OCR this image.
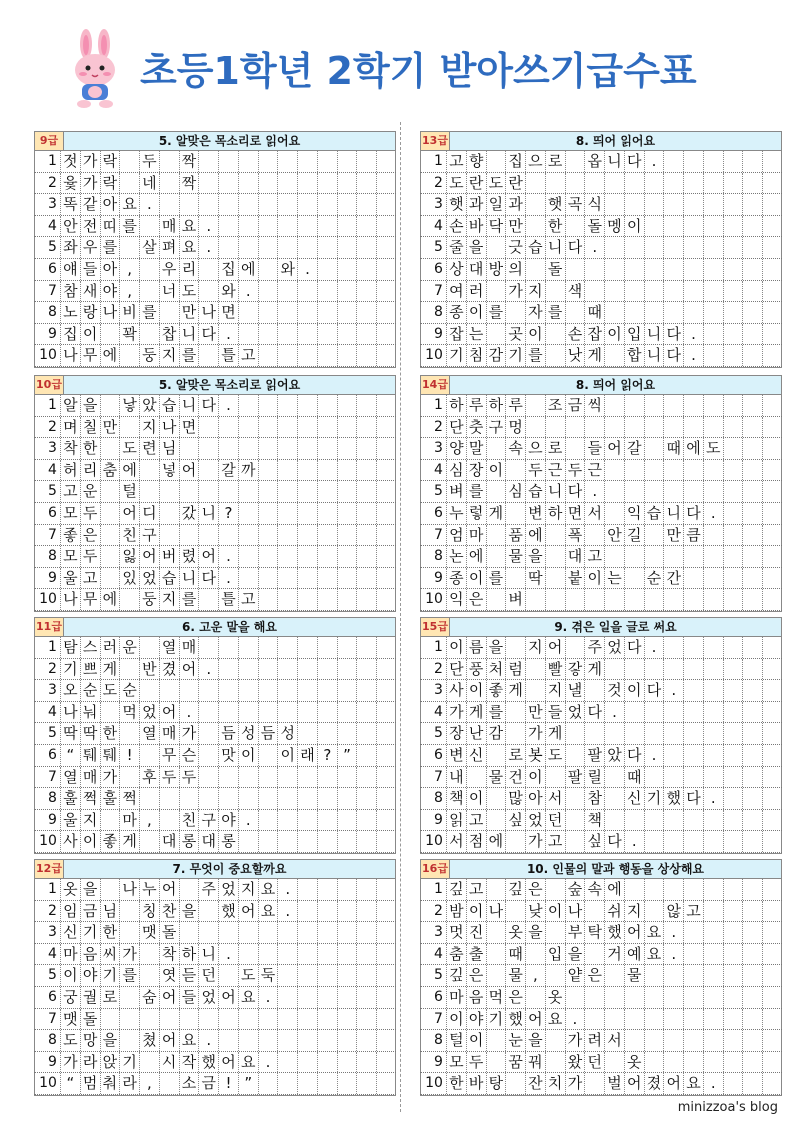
초등1학년 2학기 받아쓰기급수표
9급	5. 알맞은 목소리로 읽어요
1 젓 가 락 두 짝
2 윷 가 락 네 짝
3 똑 같 아 요 .
4 안 전 띠 를 매 요 .
5 좌 우 를 살 펴 요 .
6 얘 들 아 ,	우 리 집 에 와 .
7 참 새 야 ,	너 도 와 .
8 노 랑 나 비 를 만 나 면
9 집 이 꽉 찹 니 다 .
10 나 무 에 둥 지 를 틀 고
10급	5. 알맞은 목소리로 읽어요
1 알 을 낳 았 습 니 다 .
2 며 칠 만 지 나 면
3 착 한 도 련 님
4 허 리 춤 에 넣 어 갈 까
5 고 운 털
6 모 두 어 디 갔 니 ?
7 좋 은 친 구
8 모 두 잃 어 버 렸 어 .
9 울 고 있 었 습 니 다 .
10 나 무 에 둥 지 를 틀 고
11급	6. 고운 말을 해요
1 탐 스 러 운 열 매
2 기 쁘 게 반 겼 어 .
3 오 순 도 순
4 나 눠 먹 었 어 .
5 딱 딱 한 열 매 가 듬 성 듬 성
6 “ 퉤 퉤 !	무 슨 맛 이 이 래 ? ”
7 열 매 가 후 두 두
8 훌 쩍 훌 쩍
9 울 지 마 ,	친 구 야 .
10 사 이 좋 게 대 롱 대 롱
12급	7. 무엇이 중요할까요
1 옷 을 나 누 어 주 었 지 요 .
2 임 금 님 칭 찬 을 했 어 요 .
3 신 기 한 맷 돌
4 마 음 씨 가 착 하 니 .
5 이 야 기 를 엿 듣 던 도 둑
6 궁 궐 로 숨 어 들 었 어 요 .
7 맷 돌
8 도 망 을 쳤 어 요 .
9 가 라 앉 기 시 작 했 어 요 .
10 “ 멈 춰 라 ,	소 금 ! ”
13급	8. 띄어 읽어요
1 고 향 집 으 로 옵 니 다 .
2 도 란 도 란
3 햇 과 일 과 햇 곡 식
4 손 바 닥 만 한 돌 멩 이
5 줄 을 긋 습 니 다 .
6 상 대 방 의 돌
7 여 러 가 지 색
8 종 이 를 자 를 때
9 잡 는 곳 이 손 잡 이 입 니 다 .
10 기 침 감 기 를 낫 게 합 니 다 .
14급	8. 띄어 읽어요
1 하 루 하 루 조 금 씩
2 단 춧 구 멍
3 양 말 속 으 로 들 어 갈 때 에 도
4 심 장 이 두 근 두 근
5 벼 를 심 습 니 다 .
6 누 렇 게 변 하 면 서 익 습 니 다 .
7 엄 마 품 에 폭 안 길 만 큼
8 논 에 물 을 대 고
9 종 이 를 딱 붙 이 는 순 간
10 익 은 벼
15급	9. 겪은 일을 글로 써요
1 이 름 을 지 어 주 었 다 .
2 단 풍 처 럼 빨 갛 게
3 사 이 좋 게 지 낼 것 이 다 .
4 가 게 를 만 들 었 다 .
5 장 난 감 가 게
6 변 신 로 봇 도 팔 았 다 .
7 내 물 건 이 팔 릴 때
8 책 이 많 아 서 참 신 기 했 다 .
9 읽 고 싶 었 던 책
10 서 점 에 가 고 싶 다 .
16급	10. 인물의 말과 행동을 상상해요
1 깊 고 깊 은 숲 속 에
2 밤 이 나 낮 이 나 쉬 지 않 고
3 멋 진 옷 을 부 탁 했 어 요 .
4 춤 출 때 입 을 거 예 요 .
5 깊 은 물 ,	얕 은 물
6 마 음 먹 은 옷
7 이 야 기 했 어 요 .
8 털 이 눈 을 가 려 서
9 모 두 꿈 꿔 왔 던 옷
10 한 바 탕 잔 치 가 벌 어 졌 어 요 .
minizzoa's blog
